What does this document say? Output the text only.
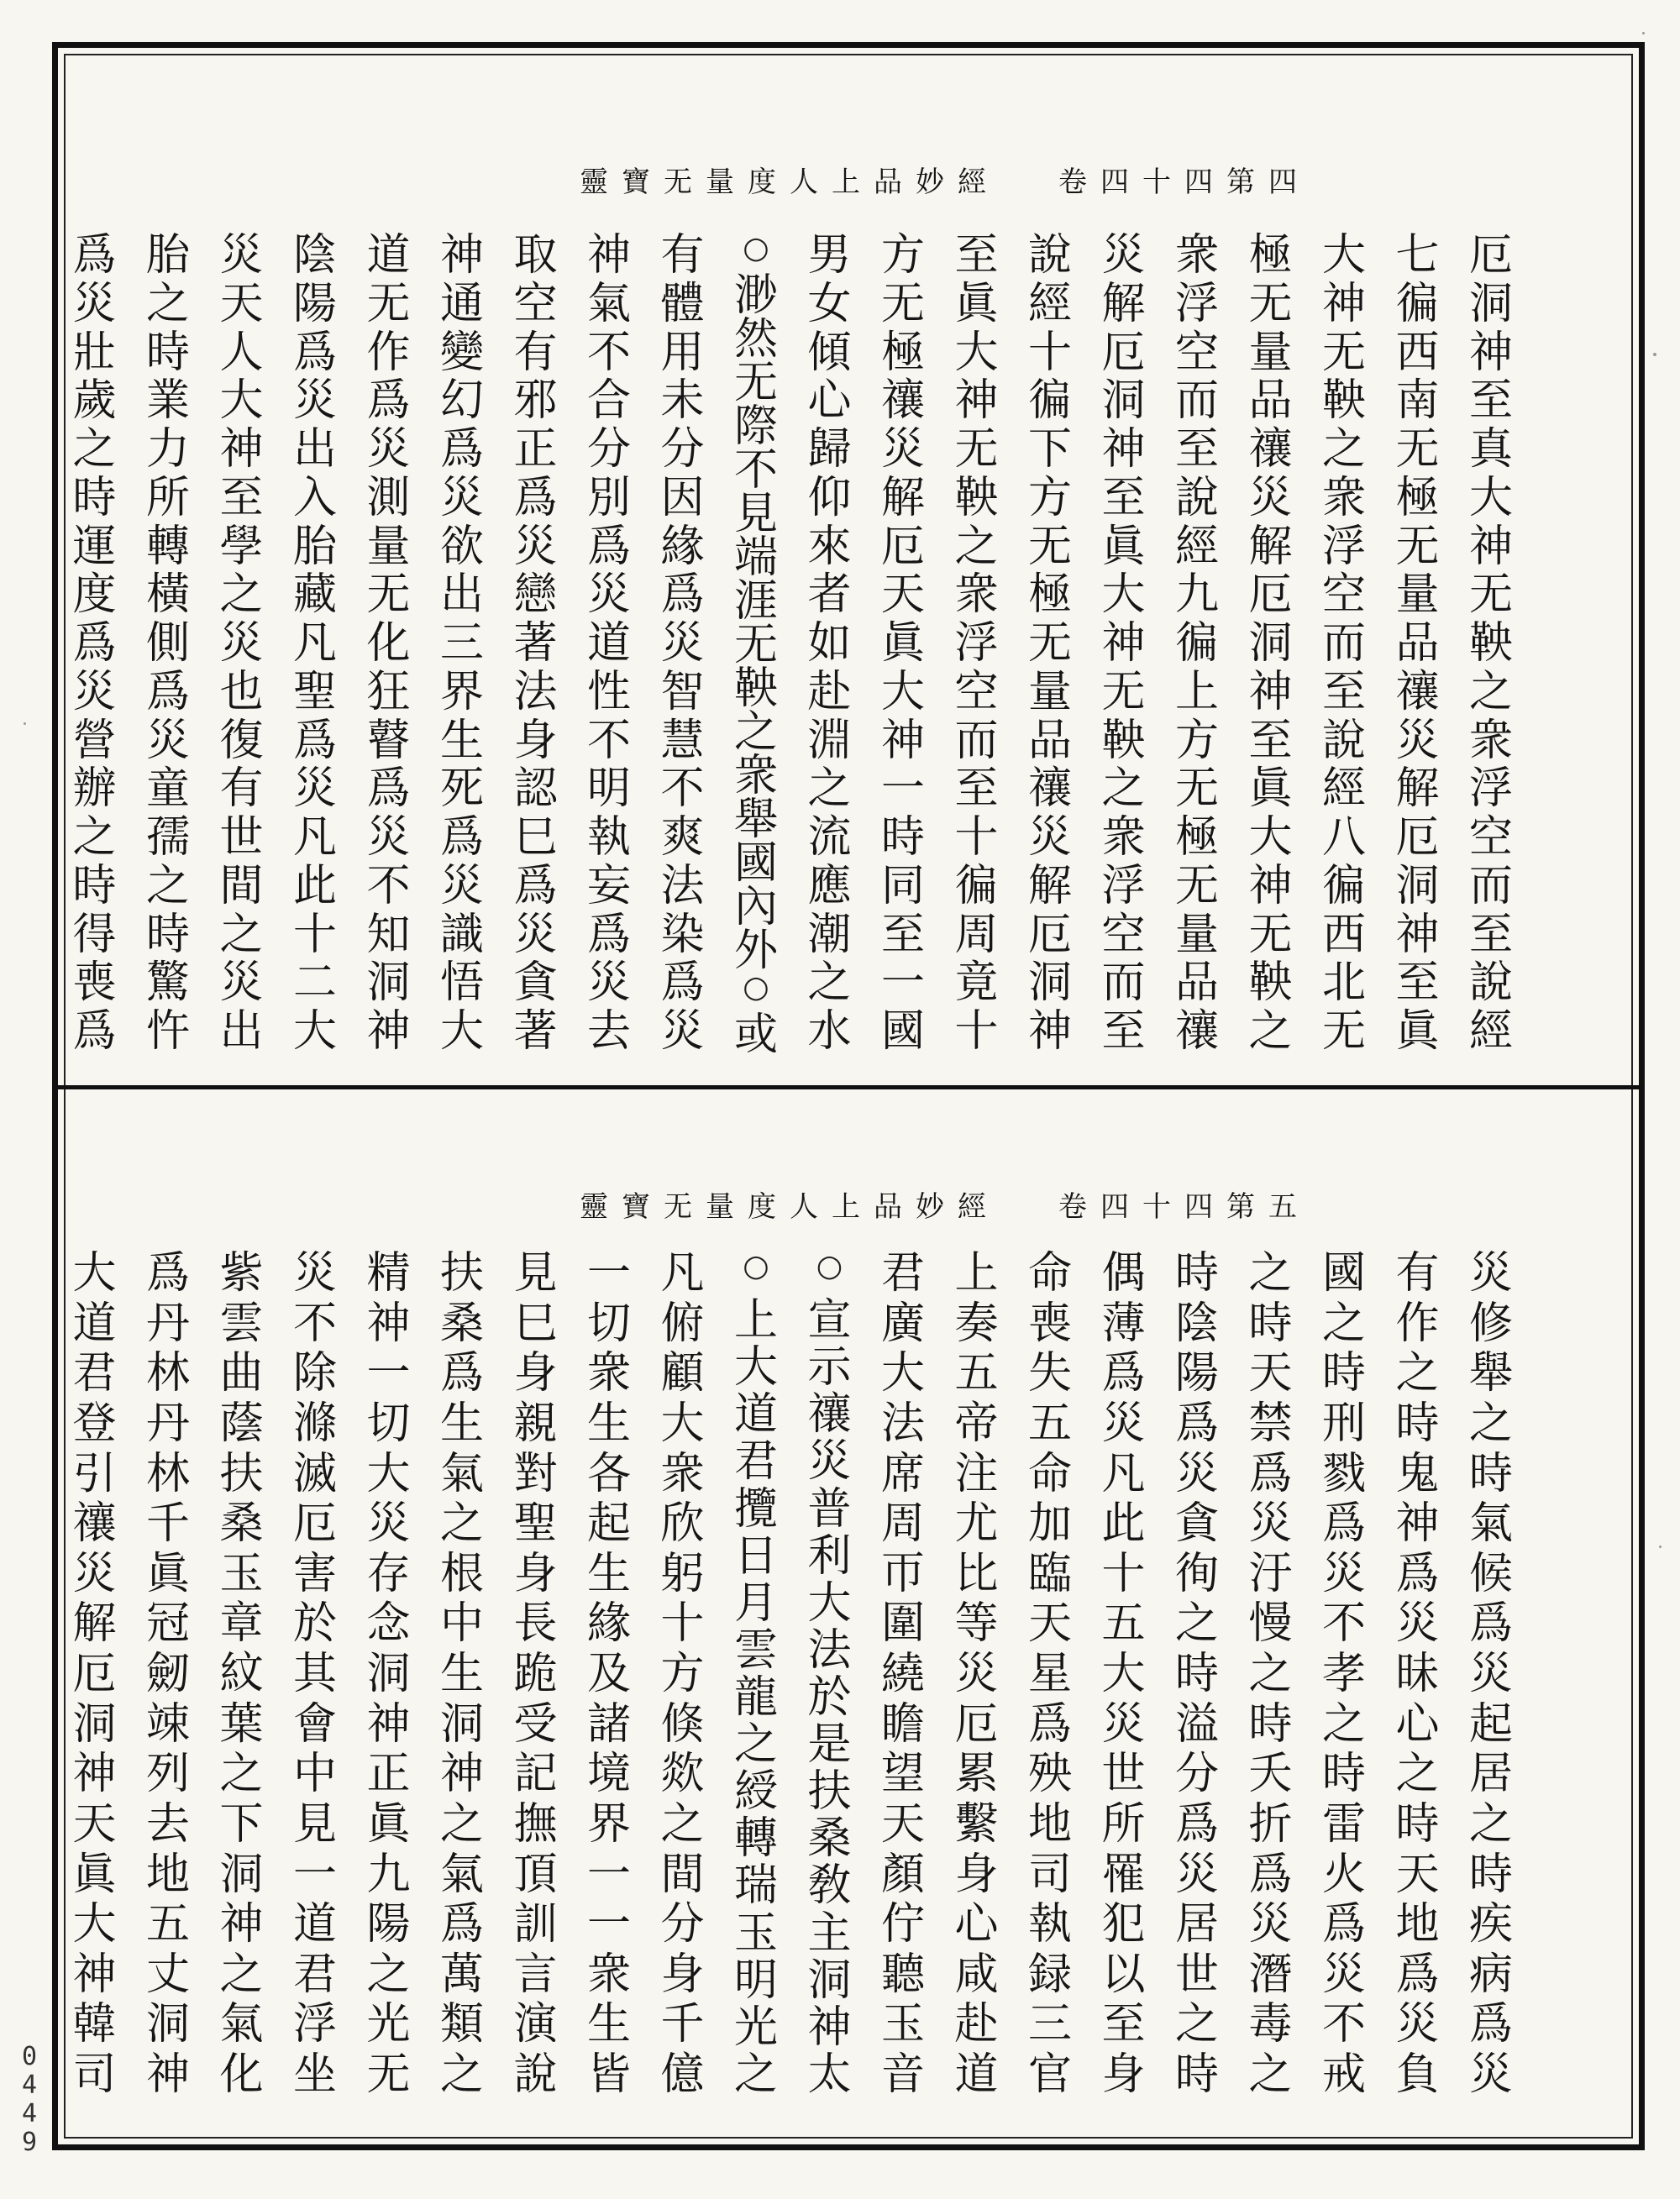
靈寶无量度人上品妙經 卷四十四第四
厄
洞
神
至
真
大
神
无
鞅
之
衆
浮
空
而
至
說
經
七
徧
西
南
无
極
无
量
品
禳
災
解
厄
洞
神
至
眞
大
神
无
鞅
之
衆
浮
空
而
至
說
經
八
徧
西
北
无
極
无
量
品
禳
災
解
厄
洞
神
至
眞
大
神
无
鞅
之
衆
浮
空
而
至
說
經
九
徧
上
方
无
極
无
量
品
禳
災
解
厄
洞
神
至
眞
大
神
无
鞅
之
衆
浮
空
而
至
說
經
十
徧
下
方
无
極
无
量
品
禳
災
解
厄
洞
神
至
眞
大
神
无
鞅
之
衆
浮
空
而
至
十
徧
周
竟
十
方
无
極
禳
災
解
厄
天
眞
大
神
一
時
同
至
一
國
男
女
傾
心
歸
仰
來
者
如
赴
淵
之
流
應
潮
之
水
○
渺
然
无
際
不
見
端
涯
无
鞅
之
衆
舉
國
內
外
○
或
有
體
用
未
分
因
緣
爲
災
智
慧
不
爽
法
染
爲
災
神
氣
不
合
分
別
爲
災
道
性
不
明
執
妄
爲
災
去
取
空
有
邪
正
爲
災
戀
著
法
身
認
巳
爲
災
貪
著
神
通
變
幻
爲
災
欲
出
三
界
生
死
爲
災
識
悟
大
道
无
作
爲
災
測
量
无
化
狂
瞽
爲
災
不
知
洞
神
陰
陽
爲
災
出
入
胎
藏
凡
聖
爲
災
凡
此
十
二
大
災
天
人
大
神
至
學
之
災
也
復
有
世
間
之
災
出
胎
之
時
業
力
所
轉
橫
側
爲
災
童
孺
之
時
驚
忤
爲
災
壯
歲
之
時
運
度
爲
災
營
辦
之
時
得
喪
爲
靈寶无量度人上品妙經 卷四十四第五
災
修
舉
之
時
氣
候
爲
災
起
居
之
時
疾
病
爲
災
有
作
之
時
鬼
神
爲
災
昧
心
之
時
天
地
爲
災
負
國
之
時
刑
戮
爲
災
不
孝
之
時
雷
火
爲
災
不
戒
之
時
天
禁
爲
災
汙
慢
之
時
夭
折
爲
災
潛
毒
之
時
陰
陽
爲
災
貪
徇
之
時
溢
分
爲
災
居
世
之
時
偶
薄
爲
災
凡
此
十
五
大
災
世
所
罹
犯
以
至
身
命
喪
失
五
命
加
臨
天
星
爲
殃
地
司
執
録
三
官
上
奏
五
帝
注
尤
比
等
災
厄
累
繫
身
心
咸
赴
道
君
廣
大
法
席
周
帀
圍
繞
瞻
望
天
顏
佇
聽
玉
音
○
宣
示
禳
災
普
利
大
法
於
是
扶
桑
敎
主
洞
神
太
○
上
大
道
君
攬
日
月
雲
龍
之
綬
轉
瑞
玉
明
光
之
凡
俯
顧
大
衆
欣
躬
十
方
倏
欻
之
間
分
身
千
億
一
切
衆
生
各
起
生
緣
及
諸
境
界
一
一
衆
生
皆
見
巳
身
親
對
聖
身
長
跪
受
記
撫
頂
訓
言
演
說
扶
桑
爲
生
氣
之
根
中
生
洞
神
之
氣
爲
萬
類
之
精
神
一
切
大
災
存
念
洞
神
正
眞
九
陽
之
光
无
災
不
除
滌
滅
厄
害
於
其
會
中
見
一
道
君
浮
坐
紫
雲
曲
蔭
扶
桑
玉
章
紋
葉
之
下
洞
神
之
氣
化
爲
丹
林
丹
林
千
眞
冠
劒
竦
列
去
地
五
丈
洞
神
大
道
君
登
引
禳
災
解
厄
洞
神
天
眞
大
神
韓
司
0
4
4
9
